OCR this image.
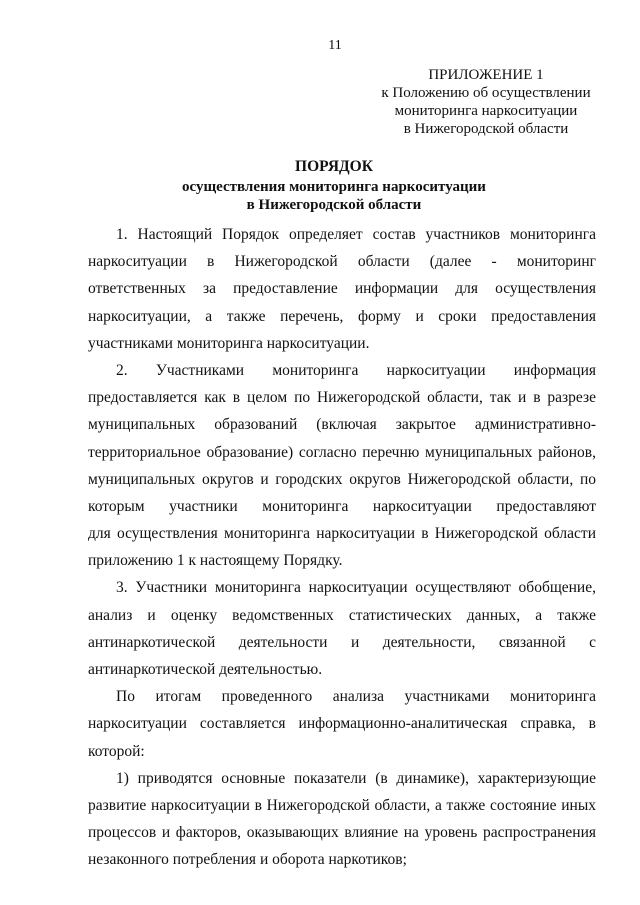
11
ПРИЛОЖЕНИЕ 1
к Положению об осуществлении
мониторинга наркоситуации
в Нижегородской области
ПОРЯДОК
осуществления мониторинга наркоситуации
в Нижегородской области
1. Настоящий Порядок определяет состав участников мониторинга
наркоситуации в Нижегородской области (далее - мониторинг
ответственных за предоставление информации для осуществления
наркоситуации, а также перечень, форму и сроки предоставления
участниками мониторинга наркоситуации.
2. Участниками мониторинга наркоситуации информация
предоставляется как в целом по Нижегородской области, так и в разрезе
муниципальных образований (включая закрытое административно-
территориальное образование) согласно перечню муниципальных районов,
муниципальных округов и городских округов Нижегородской области, по
которым участники мониторинга наркоситуации предоставляют
для осуществления мониторинга наркоситуации в Нижегородской области
приложению 1 к настоящему Порядку.
3. Участники мониторинга наркоситуации осуществляют обобщение,
анализ и оценку ведомственных статистических данных, а также
антинаркотической деятельности и деятельности, связанной с
антинаркотической деятельностью.
По итогам проведенного анализа участниками мониторинга
наркоситуации составляется информационно-аналитическая справка, в
которой:
1) приводятся основные показатели (в динамике), характеризующие
развитие наркоситуации в Нижегородской области, а также состояние иных
процессов и факторов, оказывающих влияние на уровень распространения
незаконного потребления и оборота наркотиков;
